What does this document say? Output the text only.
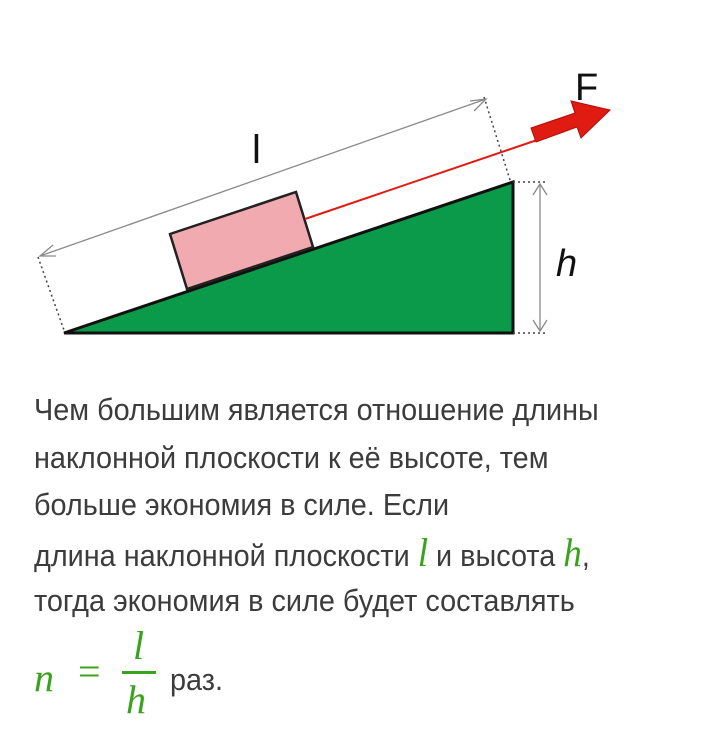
l
h
F
Чем большим является отношение длины
наклонной плоскости к её высоте, тем
больше экономия в силе. Если
длина наклонной плоскости l и высота h,
тогда экономия в силе будет составлять
n =
l
h раз.
